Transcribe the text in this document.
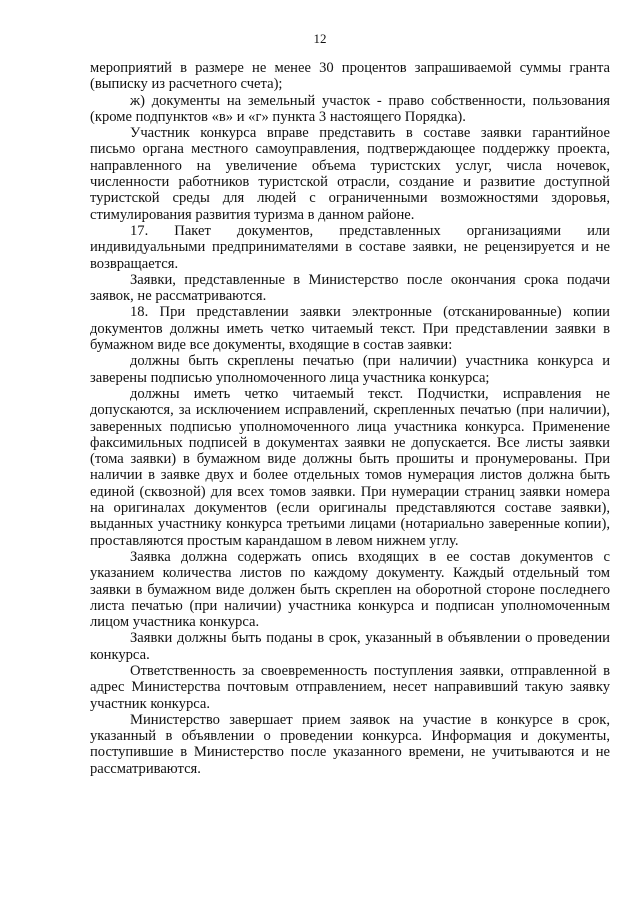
12

мероприятий в размере не менее 30 процентов запрашиваемой суммы гранта (выписку из расчетного счета);

ж) документы на земельный участок - право собственности, пользования (кроме подпунктов «в» и «г» пункта 3 настоящего Порядка).

Участник конкурса вправе представить в составе заявки гарантийное письмо органа местного самоуправления, подтверждающее поддержку проекта, направленного на увеличение объема туристских услуг, числа ночевок, численности работников туристской отрасли, создание и развитие доступной туристской среды для людей с ограниченными возможностями здоровья, стимулирования развития туризма в данном районе.

17. Пакет документов, представленных организациями или индивидуальными предпринимателями в составе заявки, не рецензируется и не возвращается.

Заявки, представленные в Министерство после окончания срока подачи заявок, не рассматриваются.

18. При представлении заявки электронные (отсканированные) копии документов должны иметь четко читаемый текст. При представлении заявки в бумажном виде все документы, входящие в состав заявки:

должны быть скреплены печатью (при наличии) участника конкурса и заверены подписью уполномоченного лица участника конкурса;

должны иметь четко читаемый текст. Подчистки, исправления не допускаются, за исключением исправлений, скрепленных печатью (при наличии), заверенных подписью уполномоченного лица участника конкурса. Применение факсимильных подписей в документах заявки не допускается. Все листы заявки (тома заявки) в бумажном виде должны быть прошиты и пронумерованы. При наличии в заявке двух и более отдельных томов нумерация листов должна быть единой (сквозной) для всех томов заявки. При нумерации страниц заявки номера на оригиналах документов (если оригиналы представляются составе заявки), выданных участнику конкурса третьими лицами (нотариально заверенные копии), проставляются простым карандашом в левом нижнем углу.

Заявка должна содержать опись входящих в ее состав документов с указанием количества листов по каждому документу. Каждый отдельный том заявки в бумажном виде должен быть скреплен на оборотной стороне последнего листа печатью (при наличии) участника конкурса и подписан уполномоченным лицом участника конкурса.

Заявки должны быть поданы в срок, указанный в объявлении о проведении конкурса.

Ответственность за своевременность поступления заявки, отправленной в адрес Министерства почтовым отправлением, несет направивший такую заявку участник конкурса.

Министерство завершает прием заявок на участие в конкурсе в срок, указанный в объявлении о проведении конкурса. Информация и документы, поступившие в Министерство после указанного времени, не учитываются и не рассматриваются.
